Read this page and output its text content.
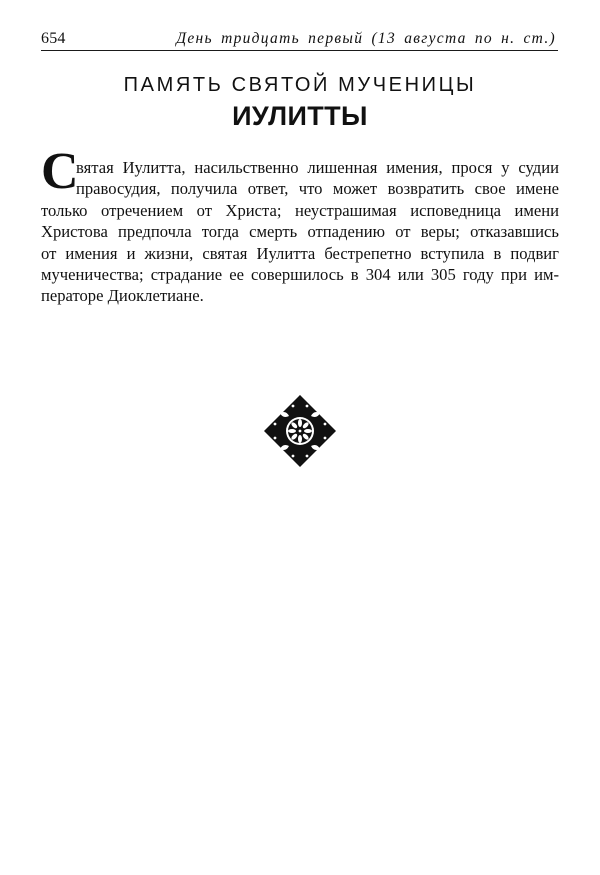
654	День тридцать первый (13 августа по н. ст.)
ПАМЯТЬ СВЯТОЙ МУЧЕНИЦЫ
ИУЛИТТЫ
С
вятая Иулитта, насильственно лишенная имения, прося у судии
правосудия, получила ответ, что может возвратить свое имене
только отречением от Христа; неустрашимая исповедница имени
Христова предпочла тогда смерть отпадению от веры; отказавшись
от имения и жизни, святая Иулитта бестрепетно вступила в подвиг
мученичества; страдание ее совершилось в 304 или 305 году при им-
ператоре Диоклетиане.
